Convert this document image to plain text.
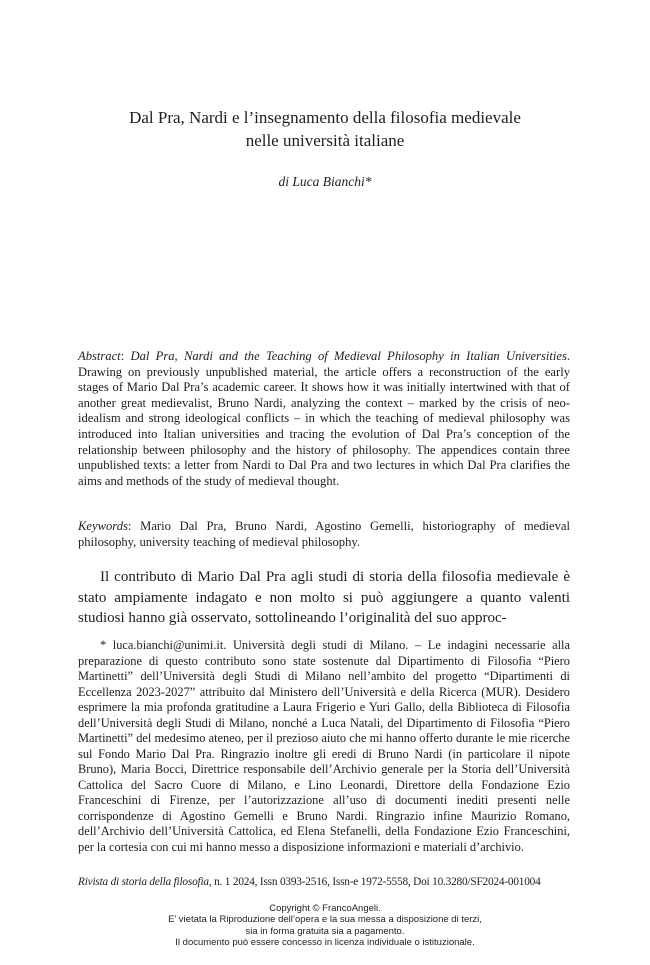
Dal Pra, Nardi e l’insegnamento della filosofia medievale
nelle università italiane
di Luca Bianchi*

Abstract: Dal Pra, Nardi and the Teaching of Medieval Philosophy in Italian Universities. Drawing on previously unpublished material, the article offers a reconstruction of the early stages of Mario Dal Pra’s academic career. It shows how it was initially intertwined with that of another great medievalist, Bruno Nardi, analyzing the context – marked by the crisis of neo-idealism and strong ideological conflicts – in which the teaching of medieval philosophy was introduced into Italian universities and tracing the evolution of Dal Pra’s conception of the relationship between philosophy and the history of philosophy. The appendices contain three unpublished texts: a letter from Nardi to Dal Pra and two lectures in which Dal Pra clarifies the aims and methods of the study of medieval thought.

Keywords: Mario Dal Pra, Bruno Nardi, Agostino Gemelli, historiography of medieval philosophy, university teaching of medieval philosophy.

Il contributo di Mario Dal Pra agli studi di storia della filosofia medievale è stato ampiamente indagato e non molto si può aggiungere a quanto valenti studiosi hanno già osservato, sottolineando l’originalità del suo approc-

* luca.bianchi@unimi.it. Università degli studi di Milano. – Le indagini necessarie alla preparazione di questo contributo sono state sostenute dal Dipartimento di Filosofia “Piero Martinetti” dell’Università degli Studi di Milano nell’ambito del progetto “Dipartimenti di Eccellenza 2023-2027” attribuito dal Ministero dell’Università e della Ricerca (MUR). Desidero esprimere la mia profonda gratitudine a Laura Frigerio e Yuri Gallo, della Biblioteca di Filosofia dell’Università degli Studi di Milano, nonché a Luca Natali, del Dipartimento di Filosofia “Piero Martinetti” del medesimo ateneo, per il prezioso aiuto che mi hanno offerto durante le mie ricerche sul Fondo Mario Dal Pra. Ringrazio inoltre gli eredi di Bruno Nardi (in particolare il nipote Bruno), Maria Bocci, Direttrice responsabile dell’Archivio generale per la Storia dell’Università Cattolica del Sacro Cuore di Milano, e Lino Leonardi, Direttore della Fondazione Ezio Franceschini di Firenze, per l’autorizzazione all’uso di documenti inediti presenti nelle corrispondenze di Agostino Gemelli e Bruno Nardi. Ringrazio infine Maurizio Romano, dell’Archivio dell’Università Cattolica, ed Elena Stefanelli, della Fondazione Ezio Franceschini, per la cortesia con cui mi hanno messo a disposizione informazioni e materiali d’archivio.

Rivista di storia della filosofia, n. 1 2024, Issn 0393-2516, Issn-e 1972-5558, Doi 10.3280/SF2024-001004
Copyright © FrancoAngeli.
E’ vietata la Riproduzione dell’opera e la sua messa a disposizione di terzi,
sia in forma gratuita sia a pagamento.
Il documento può essere concesso in licenza individuale o istituzionale.
